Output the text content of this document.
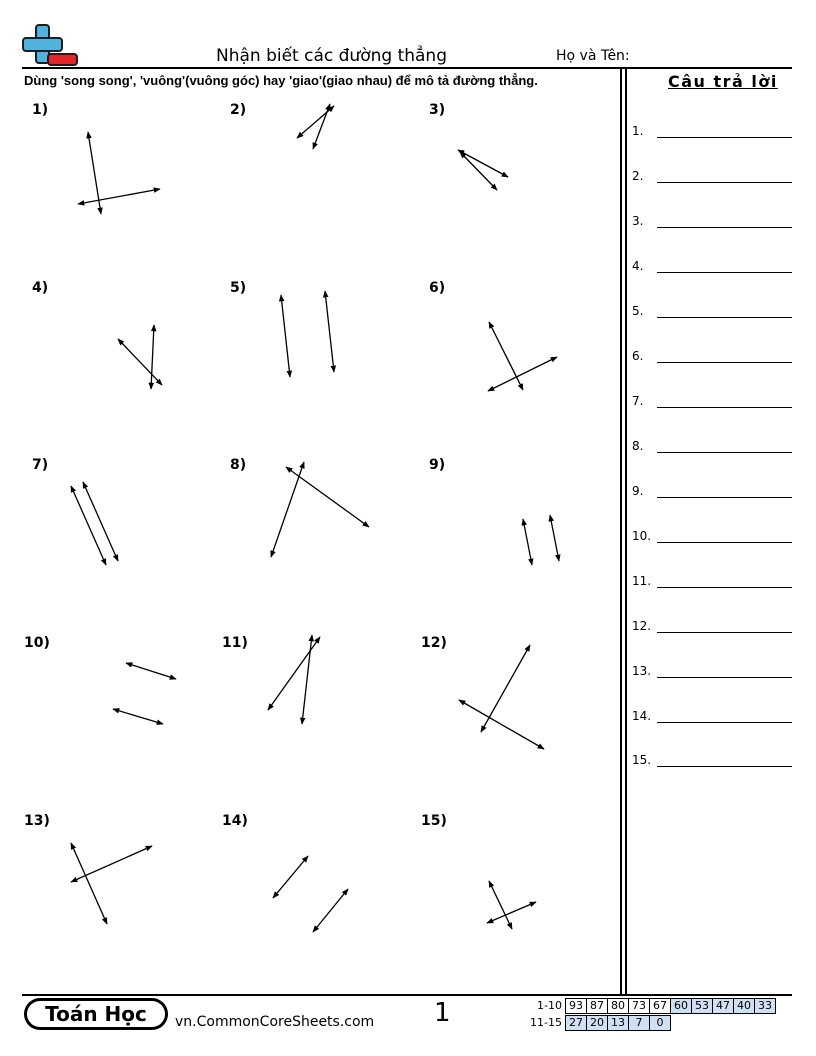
Nhận biết các đường thẳng	Họ và Tên:
Dùng 'song song', 'vuông'(vuông góc) hay 'giao'(giao nhau) để mô tả đường thẳng.	Câu trả lời
1.
2.
3.
4.
5.
6.
7.
8.
9.
10.
11.
12.
13.
14.
15.
1)	2)	3)
4)	5)	6)
7)	8)	9)
10)	11)	12)
13)	14)	15)
Toán Học	vn.CommonCoreSheets.com 1	1-10 93 87 80 73 67 60 53 47 40 33
11-15 27 20 13 7	0
